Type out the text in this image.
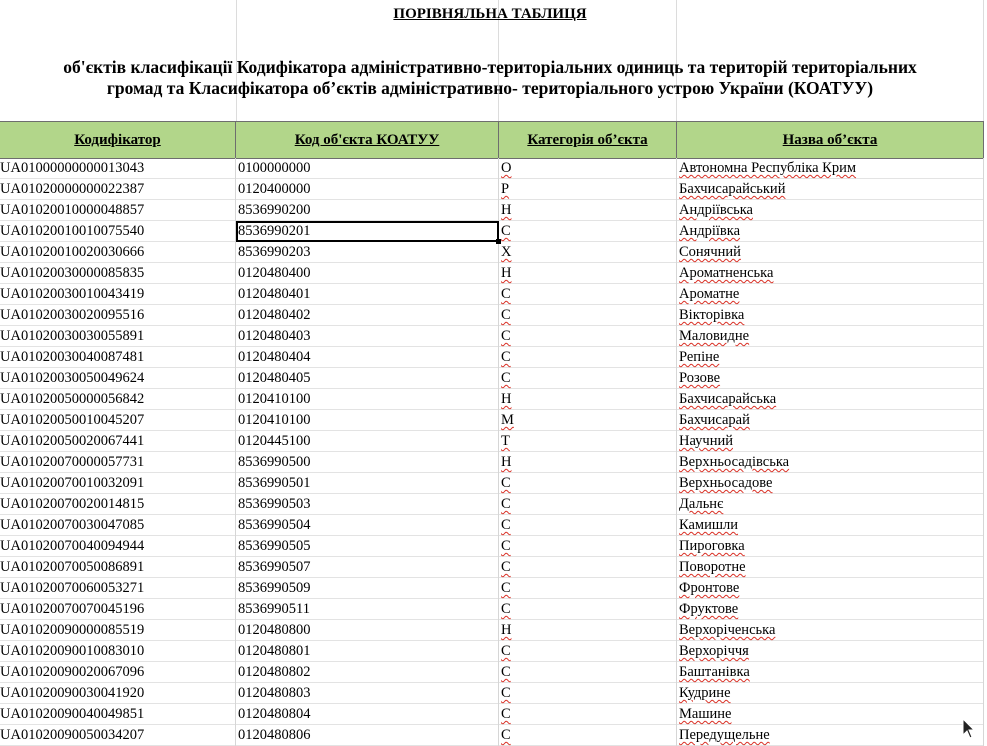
ПОРІВНЯЛЬНА ТАБЛИЦЯ
об'єктів класифікації Кодифікатора адміністративно-територіальних одиниць та територій територіальних
громад та Класифікатора об’єктів адміністративно- територіального устрою України (КОАТУУ)
Кодифікатор	Код об'єкта КОАТУУ	Категорія об’єкта	Назва об’єкта
UA01000000000013043	0100000000	О	Автономна Республіка Крим
UA01020000000022387	0120400000	Р	Бахчисарайський
UA01020010000048857	8536990200	Н	Андріївська
UA01020010010075540	8536990201	С	Андріївка
UA01020010020030666	8536990203	Х	Сонячний
UA01020030000085835	0120480400	Н	Ароматненська
UA01020030010043419	0120480401	С	Ароматне
UA01020030020095516	0120480402	С	Вікторівка
UA01020030030055891	0120480403	С	Маловидне
UA01020030040087481	0120480404	С	Репіне
UA01020030050049624	0120480405	С	Розове
UA01020050000056842	0120410100	Н	Бахчисарайська
UA01020050010045207	0120410100	М	Бахчисарай
UA01020050020067441	0120445100	Т	Научний
UA01020070000057731	8536990500	Н	Верхньосадівська
UA01020070010032091	8536990501	С	Верхньосадове
UA01020070020014815	8536990503	С	Дальнє
UA01020070030047085	8536990504	С	Камишли
UA01020070040094944	8536990505	С	Пироговка
UA01020070050086891	8536990507	С	Поворотне
UA01020070060053271	8536990509	С	Фронтове
UA01020070070045196	8536990511	С	Фруктове
UA01020090000085519	0120480800	Н	Верхоріченська
UA01020090010083010	0120480801	С	Верхоріччя
UA01020090020067096	0120480802	С	Баштанівка
UA01020090030041920	0120480803	С	Кудрине
UA01020090040049851	0120480804	С	Машине
UA01020090050034207	0120480806	С	Передущельне
